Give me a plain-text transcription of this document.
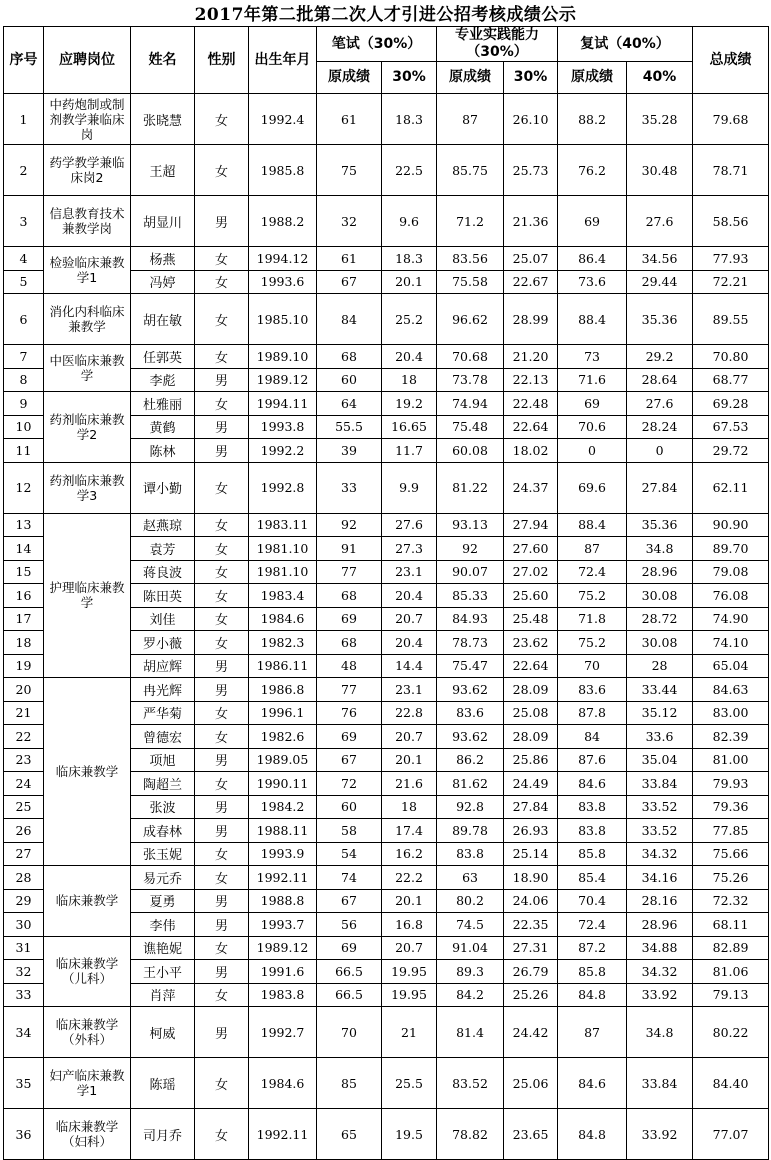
2017年第二批第二次人才引进公招考核成绩公示
序号	应聘岗位	姓名	性别	出生年月	笔试（30%）		专业实践能力（30%）		复试（40%）		总成绩
					原成绩	30%	原成绩	30%	原成绩	40%	
1	中药炮制或制剂教学兼临床岗	张晓慧	女	1992.4	61	18.3	87	26.10	88.2	35.28	79.68
2	药学教学兼临床岗2	王超	女	1985.8	75	22.5	85.75	25.73	76.2	30.48	78.71
3	信息教育技术兼教学岗	胡显川	男	1988.2	32	9.6	71.2	21.36	69	27.6	58.56
4	检验临床兼教学1	杨燕	女	1994.12	61	18.3	83.56	25.07	86.4	34.56	77.93
5		冯婷	女	1993.6	67	20.1	75.58	22.67	73.6	29.44	72.21
6	消化内科临床兼教学	胡在敏	女	1985.10	84	25.2	96.62	28.99	88.4	35.36	89.55
7	中医临床兼教学	任郭英	女	1989.10	68	20.4	70.68	21.20	73	29.2	70.80
8		李彪	男	1989.12	60	18	73.78	22.13	71.6	28.64	68.77
9	药剂临床兼教学2	杜雅丽	女	1994.11	64	19.2	74.94	22.48	69	27.6	69.28
10		黄鹤	男	1993.8	55.5	16.65	75.48	22.64	70.6	28.24	67.53
11		陈林	男	1992.2	39	11.7	60.08	18.02	0	0	29.72
12	药剂临床兼教学3	谭小勤	女	1992.8	33	9.9	81.22	24.37	69.6	27.84	62.11
13	护理临床兼教学	赵燕琼	女	1983.11	92	27.6	93.13	27.94	88.4	35.36	90.90
14		袁芳	女	1981.10	91	27.3	92	27.60	87	34.8	89.70
15		蒋良波	女	1981.10	77	23.1	90.07	27.02	72.4	28.96	79.08
16		陈田英	女	1983.4	68	20.4	85.33	25.60	75.2	30.08	76.08
17		刘佳	女	1984.6	69	20.7	84.93	25.48	71.8	28.72	74.90
18		罗小薇	女	1982.3	68	20.4	78.73	23.62	75.2	30.08	74.10
19		胡应辉	男	1986.11	48	14.4	75.47	22.64	70	28	65.04
20	临床兼教学	冉光辉	男	1986.8	77	23.1	93.62	28.09	83.6	33.44	84.63
21		严华菊	女	1996.1	76	22.8	83.6	25.08	87.8	35.12	83.00
22		曾德宏	女	1982.6	69	20.7	93.62	28.09	84	33.6	82.39
23		项旭	男	1989.05	67	20.1	86.2	25.86	87.6	35.04	81.00
24		陶超兰	女	1990.11	72	21.6	81.62	24.49	84.6	33.84	79.93
25		张波	男	1984.2	60	18	92.8	27.84	83.8	33.52	79.36
26		成春林	男	1988.11	58	17.4	89.78	26.93	83.8	33.52	77.85
27		张玉妮	女	1993.9	54	16.2	83.8	25.14	85.8	34.32	75.66
28	临床兼教学	易元乔	女	1992.11	74	22.2	63	18.90	85.4	34.16	75.26
29		夏勇	男	1988.8	67	20.1	80.2	24.06	70.4	28.16	72.32
30		李伟	男	1993.7	56	16.8	74.5	22.35	72.4	28.96	68.11
31	临床兼教学（儿科）	谯艳妮	女	1989.12	69	20.7	91.04	27.31	87.2	34.88	82.89
32		王小平	男	1991.6	66.5	19.95	89.3	26.79	85.8	34.32	81.06
33		肖萍	女	1983.8	66.5	19.95	84.2	25.26	84.8	33.92	79.13
34	临床兼教学（外科）	柯威	男	1992.7	70	21	81.4	24.42	87	34.8	80.22
35	妇产临床兼教学1	陈瑶	女	1984.6	85	25.5	83.52	25.06	84.6	33.84	84.40
36	临床兼教学（妇科）	司月乔	女	1992.11	65	19.5	78.82	23.65	84.8	33.92	77.07
